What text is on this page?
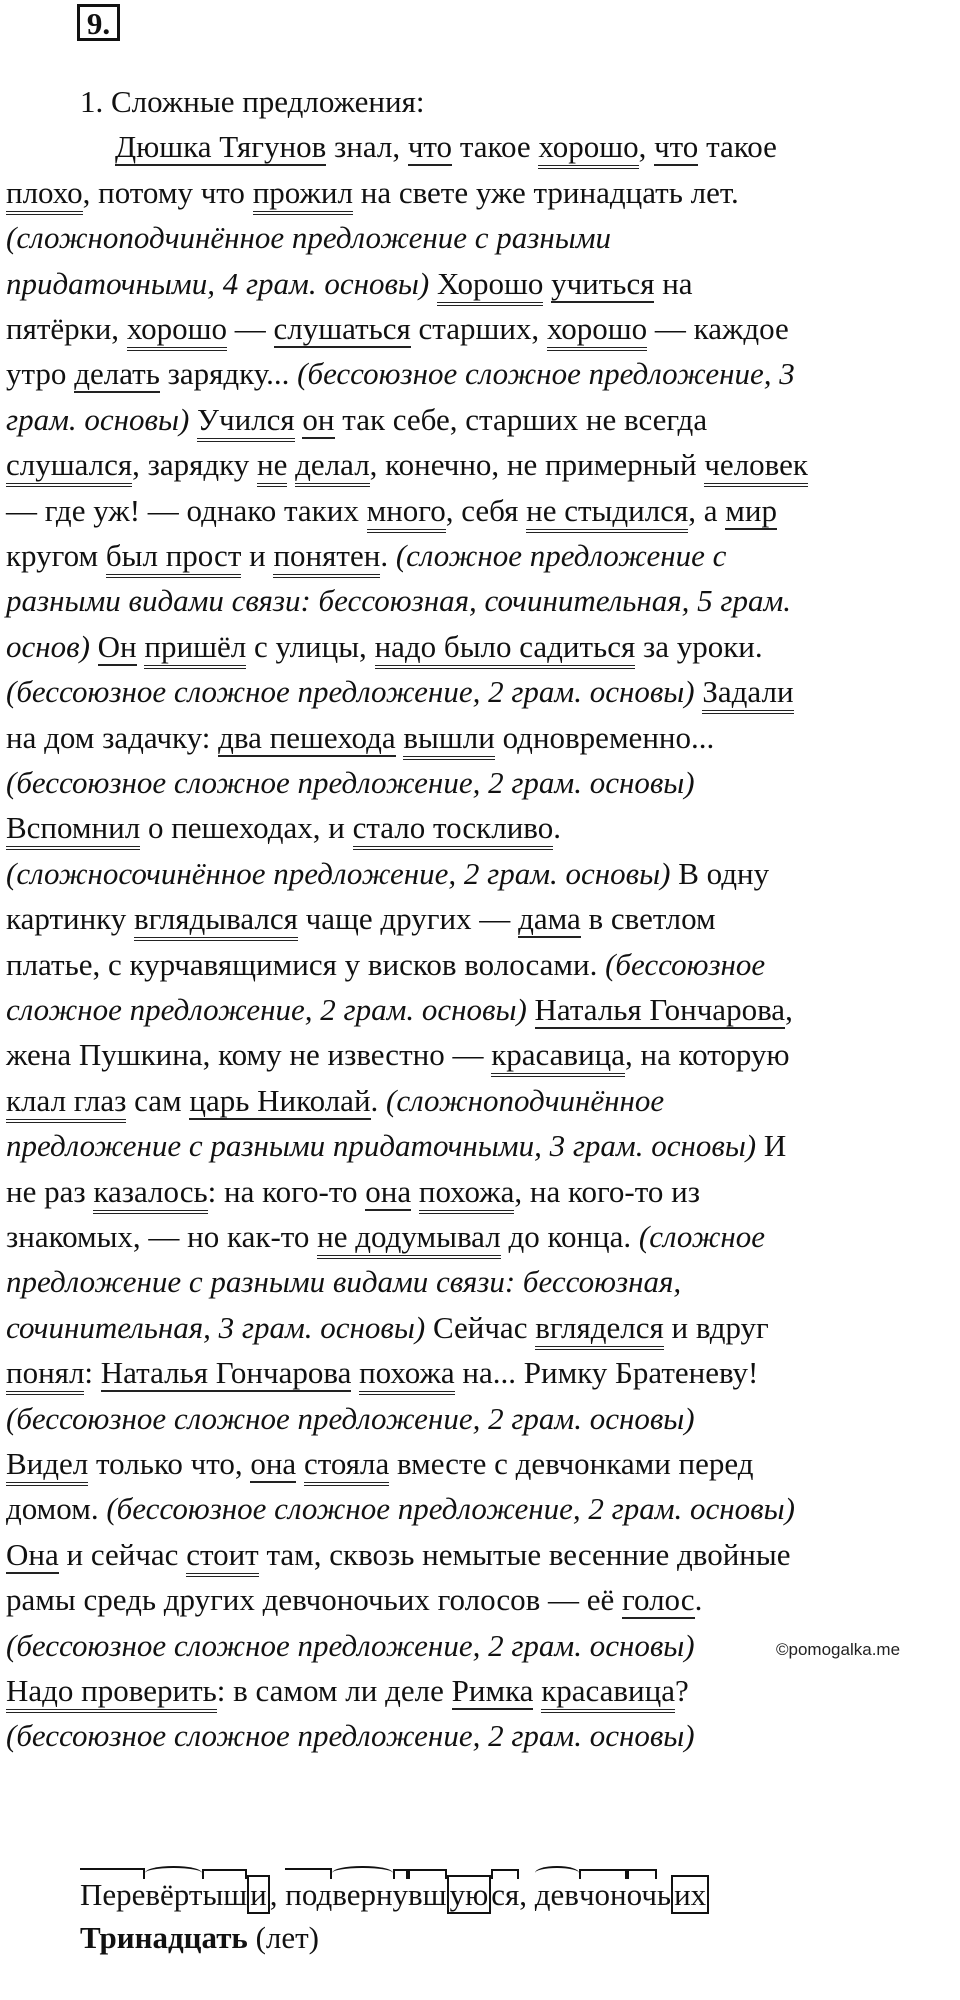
9.
1. Сложные предложения:
Дюшка Тягунов знал, что такое хорошо, что такое
плохо, потому что прожил на свете уже тринадцать лет.
(сложноподчинённое предложение с разными
придаточными, 4 грам. основы) Хорошо учиться на
пятёрки, хорошо — слушаться старших, хорошо — каждое
утро делать зарядку... (бессоюзное сложное предложение, 3
грам. основы) Учился он так себе, старших не всегда
слушался, зарядку не делал, конечно, не примерный человек
— где уж! — однако таких много, себя не стыдился, а мир
кругом был прост и понятен. (сложное предложение с
разными видами связи: бессоюзная, сочинительная, 5 грам.
основ) Он пришёл с улицы, надо было садиться за уроки.
(бессоюзное сложное предложение, 2 грам. основы) Задали
на дом задачку: два пешехода вышли одновременно...
(бессоюзное сложное предложение, 2 грам. основы)
Вспомнил о пешеходах, и стало тоскливо.
(сложносочинённое предложение, 2 грам. основы) В одну
картинку вглядывался чаще других — дама в светлом
платье, с курчавящимися у висков волосами. (бессоюзное
сложное предложение, 2 грам. основы) Наталья Гончарова,
жена Пушкина, кому не известно — красавица, на которую
клал глаз сам царь Николай. (сложноподчинённое
предложение с разными придаточными, 3 грам. основы) И
не раз казалось: на кого-то она похожа, на кого-то из
знакомых, — но как-то не додумывал до конца. (сложное
предложение с разными видами связи: бессоюзная,
сочинительная, 3 грам. основы) Сейчас вгляделся и вдруг
понял: Наталья Гончарова похожа на... Римку Братеневу!
(бессоюзное сложное предложение, 2 грам. основы)
Видел только что, она стояла вместе с девчонками перед
домом. (бессоюзное сложное предложение, 2 грам. основы)
Она и сейчас стоит там, сквозь немытые весенние двойные
рамы средь других девчоночьих голосов — её голос.
(бессоюзное сложное предложение, 2 грам. основы)
Надо проверить: в самом ли деле Римка красавица?
(бессоюзное сложное предложение, 2 грам. основы)
Перевёртыши, подвернувшуюся, девчоночьих
Тринадцать (лет)
©pomogalka.me
